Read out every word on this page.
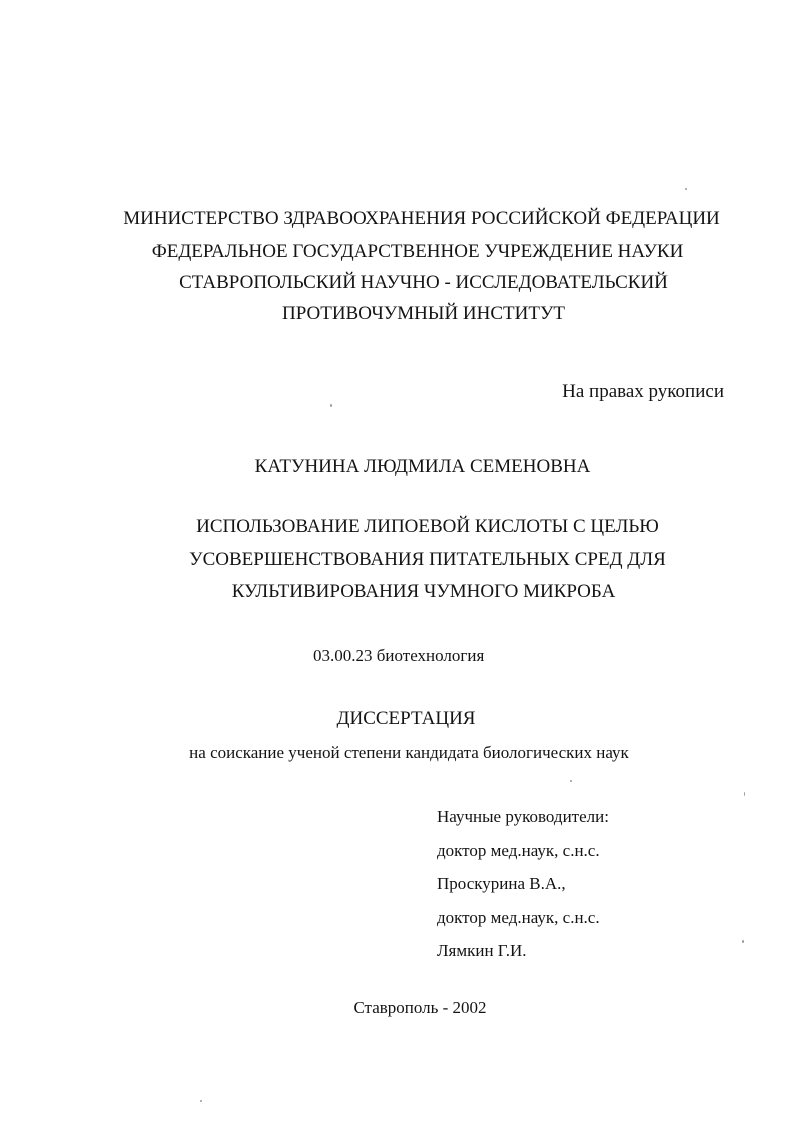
МИНИСТЕРСТВО ЗДРАВООХРАНЕНИЯ РОССИЙСКОЙ ФЕДЕРАЦИИ
ФЕДЕРАЛЬНОЕ ГОСУДАРСТВЕННОЕ УЧРЕЖДЕНИЕ НАУКИ
СТАВРОПОЛЬСКИЙ НАУЧНО - ИССЛЕДОВАТЕЛЬСКИЙ
ПРОТИВОЧУМНЫЙ ИНСТИТУТ
На правах рукописи
КАТУНИНА ЛЮДМИЛА СЕМЕНОВНА
ИСПОЛЬЗОВАНИЕ ЛИПОЕВОЙ КИСЛОТЫ С ЦЕЛЬЮ
УСОВЕРШЕНСТВОВАНИЯ ПИТАТЕЛЬНЫХ СРЕД ДЛЯ
КУЛЬТИВИРОВАНИЯ ЧУМНОГО МИКРОБА
03.00.23 биотехнология
ДИССЕРТАЦИЯ
на соискание ученой степени кандидата биологических наук
Научные руководители:
доктор мед.наук, с.н.с.
Проскурина В.А.,
доктор мед.наук, с.н.с.
Лямкин Г.И.
Ставрополь - 2002
